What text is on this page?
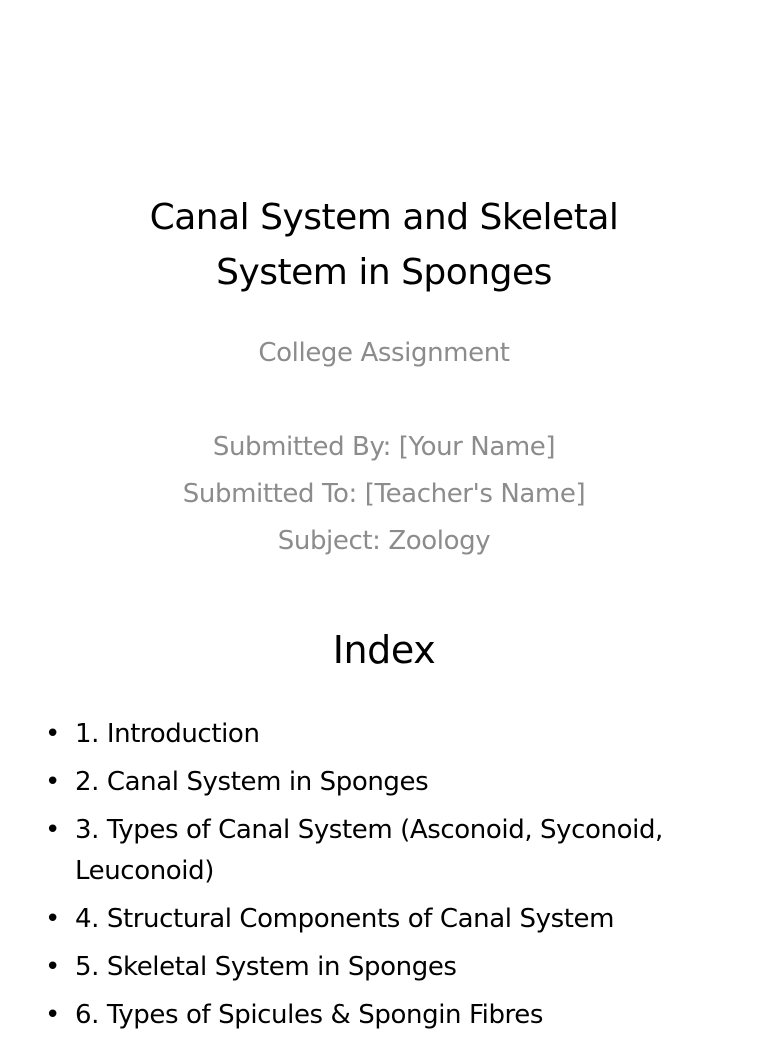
Canal System and Skeletal
System in Sponges
College Assignment
Submitted By: [Your Name]
Submitted To: [Teacher's Name]
Subject: Zoology
Index
• 1. Introduction
• 2. Canal System in Sponges
• 3. Types of Canal System (Asconoid, Syconoid, Leuconoid)
• 4. Structural Components of Canal System
• 5. Skeletal System in Sponges
• 6. Types of Spicules & Spongin Fibres
